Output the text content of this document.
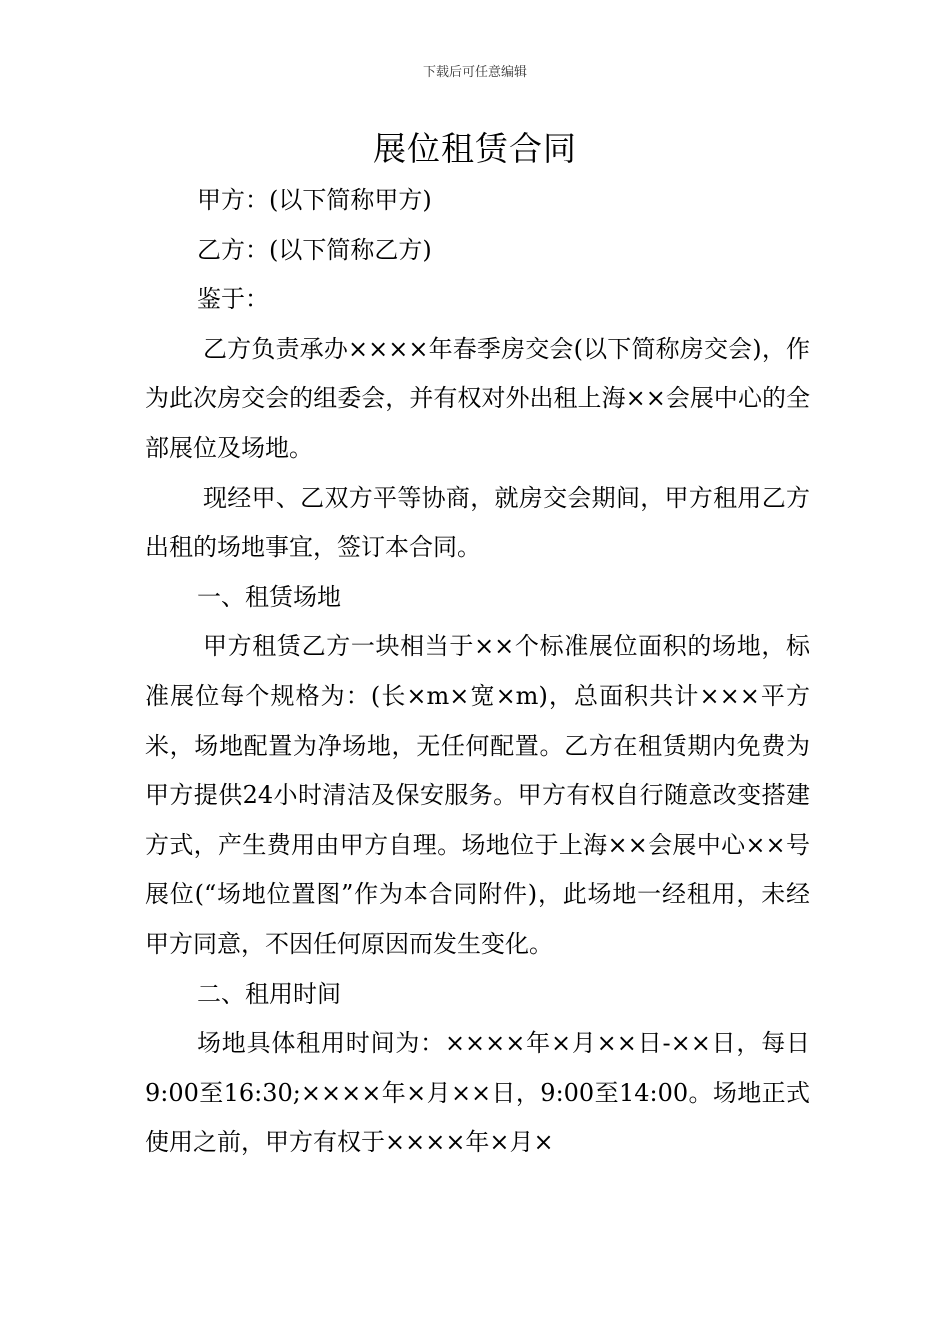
下载后可任意编辑
展位租赁合同

甲方：(以下简称甲方)

乙方：(以下简称乙方)

鉴于：

乙方负责承办××××年春季房交会(以下简称房交会)，作为此次房交会的组委会，并有权对外出租上海××会展中心的全部展位及场地。

现经甲、乙双方平等协商，就房交会期间，甲方租用乙方出租的场地事宜，签订本合同。

一、租赁场地

甲方租赁乙方一块相当于××个标准展位面积的场地，标准展位每个规格为：(长×m×宽×m)，总面积共计×××平方米，场地配置为净场地，无任何配置。乙方在租赁期内免费为甲方提供24小时清洁及保安服务。甲方有权自行随意改变搭建方式，产生费用由甲方自理。场地位于上海××会展中心××号展位(“场地位置图”作为本合同附件)，此场地一经租用，未经甲方同意，不因任何原因而发生变化。

二、租用时间

场地具体租用时间为：××××年×月××日-××日，每日9:00至16:30;××××年×月××日，9:00至14:00。场地正式使用之前，甲方有权于××××年×月×
